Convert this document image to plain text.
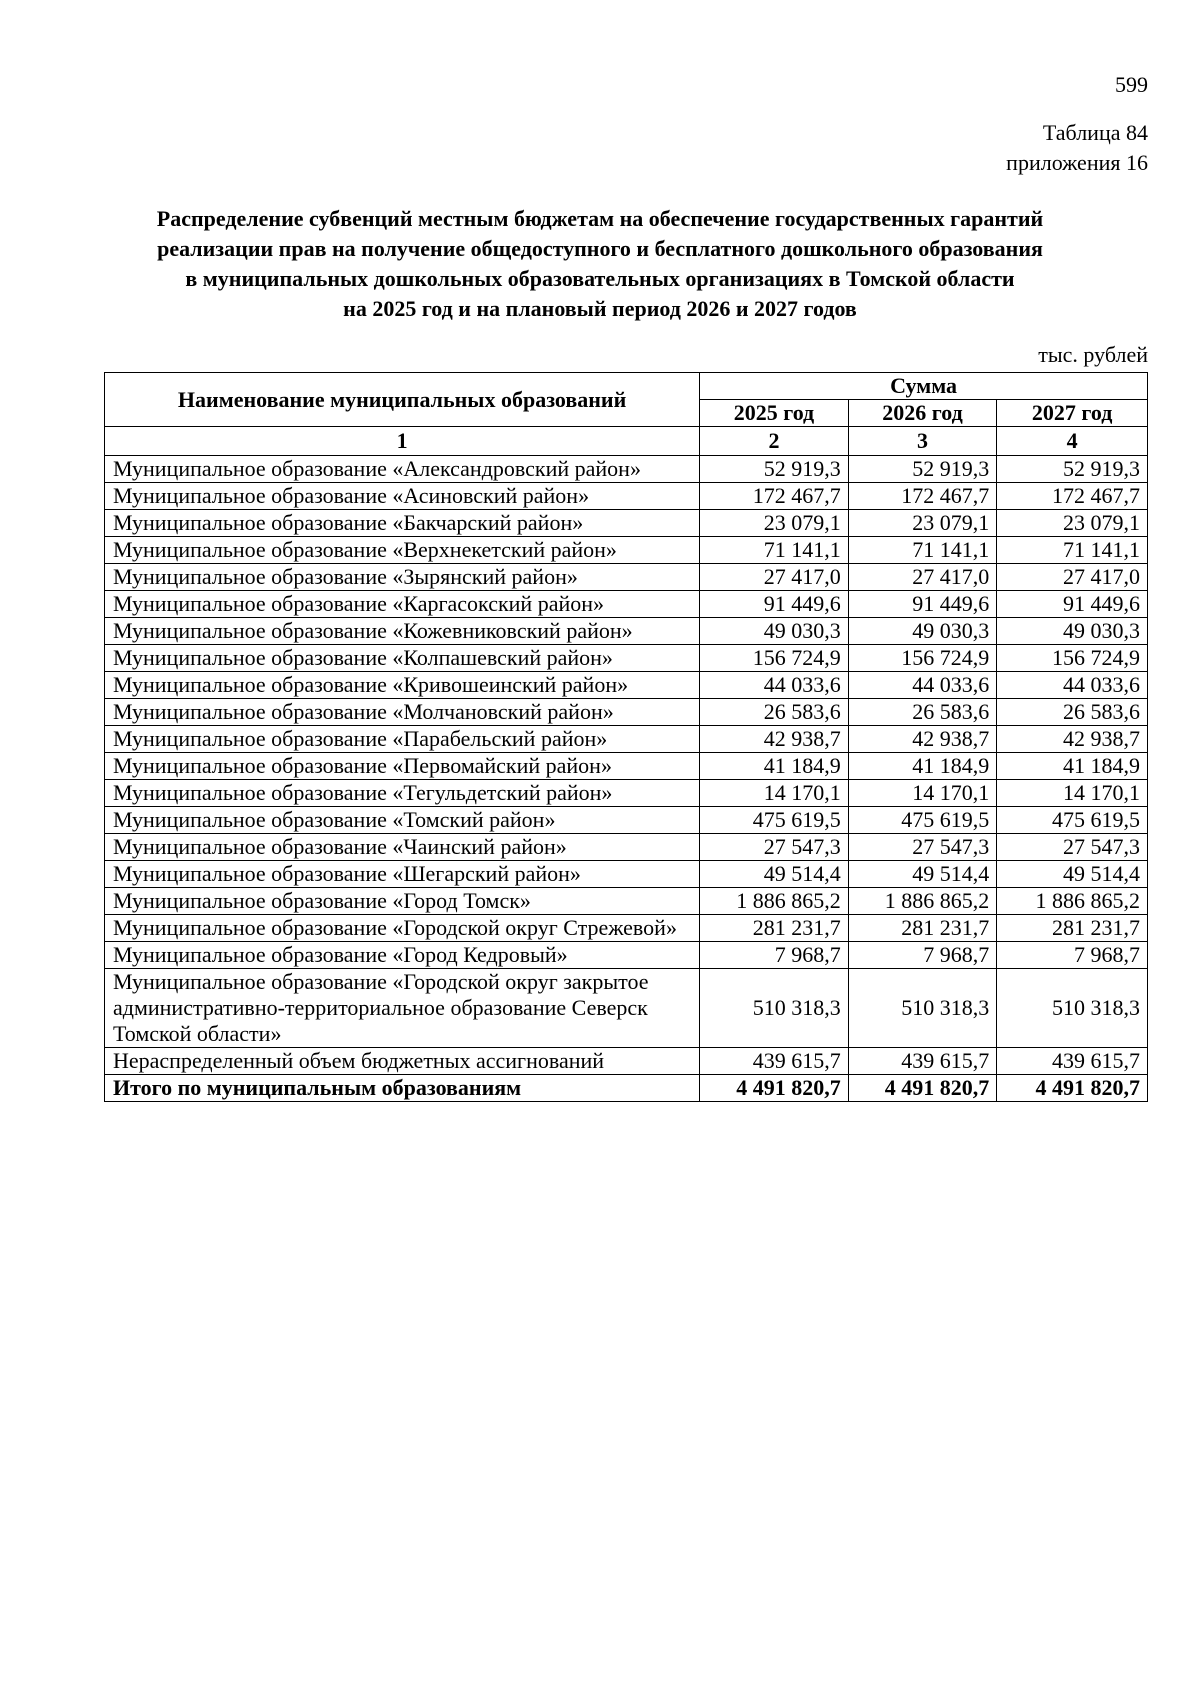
599
Таблица 84
приложения 16
Распределение субвенций местным бюджетам на обеспечение государственных гарантий
реализации прав на получение общедоступного и бесплатного дошкольного образования
в муниципальных дошкольных образовательных организациях в Томской области
на 2025 год и на плановый период 2026 и 2027 годов
тыс. рублей
Наименование муниципальных образований	Сумма		
	2025 год	2026 год	2027 год
1	2	3	4
Муниципальное образование «Александровский район»	52 919,3	52 919,3	52 919,3
Муниципальное образование «Асиновский район»	172 467,7	172 467,7	172 467,7
Муниципальное образование «Бакчарский район»	23 079,1	23 079,1	23 079,1
Муниципальное образование «Верхнекетский район»	71 141,1	71 141,1	71 141,1
Муниципальное образование «Зырянский район»	27 417,0	27 417,0	27 417,0
Муниципальное образование «Каргасокский район»	91 449,6	91 449,6	91 449,6
Муниципальное образование «Кожевниковский район»	49 030,3	49 030,3	49 030,3
Муниципальное образование «Колпашевский район»	156 724,9	156 724,9	156 724,9
Муниципальное образование «Кривошеинский район»	44 033,6	44 033,6	44 033,6
Муниципальное образование «Молчановский район»	26 583,6	26 583,6	26 583,6
Муниципальное образование «Парабельский район»	42 938,7	42 938,7	42 938,7
Муниципальное образование «Первомайский район»	41 184,9	41 184,9	41 184,9
Муниципальное образование «Тегульдетский район»	14 170,1	14 170,1	14 170,1
Муниципальное образование «Томский район»	475 619,5	475 619,5	475 619,5
Муниципальное образование «Чаинский район»	27 547,3	27 547,3	27 547,3
Муниципальное образование «Шегарский район»	49 514,4	49 514,4	49 514,4
Муниципальное образование «Город Томск»	1 886 865,2	1 886 865,2	1 886 865,2
Муниципальное образование «Городской округ Стрежевой»	281 231,7	281 231,7	281 231,7
Муниципальное образование «Город Кедровый»	7 968,7	7 968,7	7 968,7
Муниципальное образование «Городской округ закрытое административно-территориальное образование Северск Томской области»	510 318,3	510 318,3	510 318,3
Нераспределенный объем бюджетных ассигнований	439 615,7	439 615,7	439 615,7
Итого по муниципальным образованиям	4 491 820,7	4 491 820,7	4 491 820,7
